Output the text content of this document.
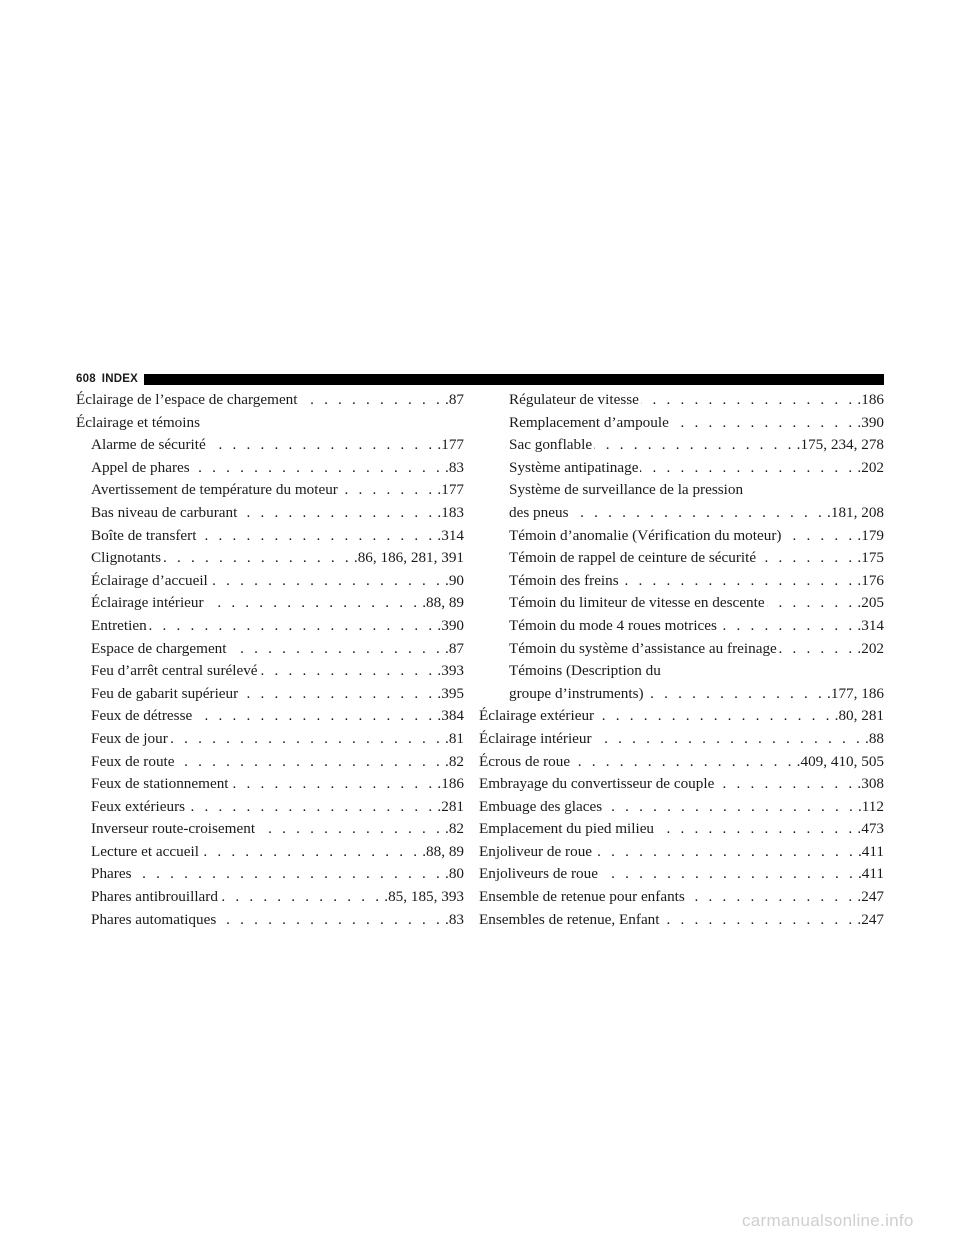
608 INDEX
Éclairage de l’espace de chargement . . .	.87
Éclairage et témoins
Alarme de sécurité . . .	.177
Appel de phares . . .	.83
Avertissement de température du moteur . . .	.177
Bas niveau de carburant . . .	.183
Boîte de transfert . . .	.314
Clignotants . . .	.86, 186, 281, 391
Éclairage d’accueil . . .	.90
Éclairage intérieur . . .	.88, 89
Entretien . . .	.390
Espace de chargement . . .	.87
Feu d’arrêt central surélevé . . .	.393
Feu de gabarit supérieur . . .	.395
Feux de détresse . . .	.384
Feux de jour . . .	.81
Feux de route . . .	.82
Feux de stationnement . . .	.186
Feux extérieurs . . .	.281
Inverseur route-croisement . . .	.82
Lecture et accueil . . .	.88, 89
Phares . . .	.80
Phares antibrouillard . . .	.85, 185, 393
Phares automatiques . . .	.83
Régulateur de vitesse . . .	.186
Remplacement d’ampoule . . .	.390
Sac gonflable . . .	.175, 234, 278
Système antipatinage . . .	.202
Système de surveillance de la pression
des pneus . . .	.181, 208
Témoin d’anomalie (Vérification du moteur) . . .	.179
Témoin de rappel de ceinture de sécurité . . .	.175
Témoin des freins . . .	.176
Témoin du limiteur de vitesse en descente . . .	.205
Témoin du mode 4 roues motrices . . .	.314
Témoin du système d’assistance au freinage . . .	.202
Témoins (Description du
groupe d’instruments) . . .	.177, 186
Éclairage extérieur . . .	.80, 281
Éclairage intérieur . . .	.88
Écrous de roue . . .	.409, 410, 505
Embrayage du convertisseur de couple . . .	.308
Embuage des glaces . . .	.112
Emplacement du pied milieu . . .	.473
Enjoliveur de roue . . .	.411
Enjoliveurs de roue . . .	.411
Ensemble de retenue pour enfants . . .	.247
Ensembles de retenue, Enfant . . .	.247
carmanualsonline.info
